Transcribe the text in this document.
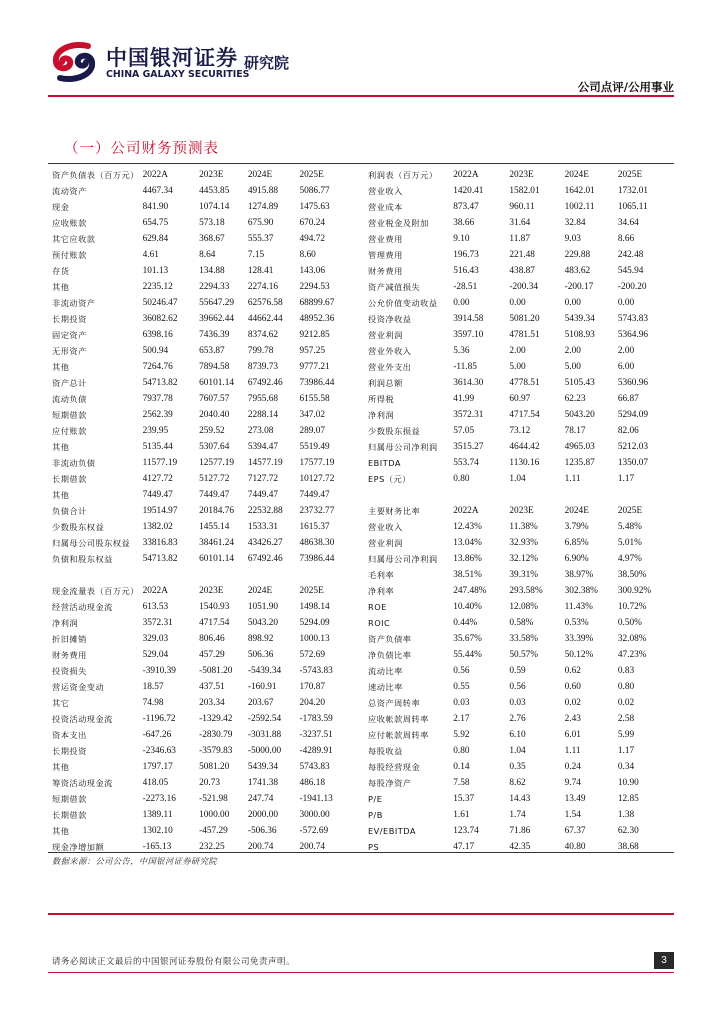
中国银河证券
CHINA GALAXY SECURITIES
研究院
公司点评/公用事业
（一）公司财务预测表
资产负债表（百万元） 2022A	2023E	2024E	2025E
流动资产	4467.34	4453.85	4915.88	5086.77
现金	841.90	1074.14	1274.89	1475.63
应收账款	654.75	573.18	675.90	670.24
其它应收款	629.84	368.67	555.37	494.72
预付账款	4.61	8.64	7.15	8.60
存货	101.13	134.88	128.41	143.06
其他	2235.12	2294.33	2274.16	2294.53
非流动资产	50246.47	55647.29	62576.58	68899.67
长期投资	36082.62	39662.44	44662.44	48952.36
固定资产	6398.16	7436.39	8374.62	9212.85
无形资产	500.94	653.87	799.78	957.25
其他	7264.76	7894.58	8739.73	9777.21
资产总计	54713.82	60101.14	67492.46	73986.44
流动负债	7937.78	7607.57	7955.68	6155.58
短期借款	2562.39	2040.40	2288.14	347.02
应付账款	239.95	259.52	273.08	289.07
其他	5135.44	5307.64	5394.47	5519.49
非流动负债	11577.19	12577.19	14577.19	17577.19
长期借款	4127.72	5127.72	7127.72	10127.72
其他	7449.47	7449.47	7449.47	7449.47
负债合计	19514.97	20184.76	22532.88	23732.77
少数股东权益	1382.02	1455.14	1533.31	1615.37
归属母公司股东权益	33816.83	38461.24	43426.27	48638.30
负债和股东权益	54713.82	60101.14	67492.46	73986.44
现金流量表（百万元） 2022A	2023E	2024E	2025E
经营活动现金流	613.53	1540.93	1051.90	1498.14
净利润	3572.31	4717.54	5043.20	5294.09
折旧摊销	329.03	806.46	898.92	1000.13
财务费用	529.04	457.29	506.36	572.69
投资损失	-3910.39	-5081.20	-5439.34	-5743.83
营运资金变动	18.57	437.51	-160.91	170.87
其它	74.98	203.34	203.67	204.20
投资活动现金流	-1196.72	-1329.42	-2592.54	-1783.59
资本支出	-647.26	-2830.79	-3031.88	-3237.51
长期投资	-2346.63	-3579.83	-5000.00	-4289.91
其他	1797.17	5081.20	5439.34	5743.83
筹资活动现金流	418.05	20.73	1741.38	486.18
短期借款	-2273.16	-521.98	247.74	-1941.13
长期借款	1389.11	1000.00	2000.00	3000.00
其他	1302.10	-457.29	-506.36	-572.69
现金净增加额	-165.13	232.25	200.74	200.74
利润表（百万元）	2022A	2023E	2024E	2025E
营业收入	1420.41	1582.01	1642.01	1732.01
营业成本	873.47	960.11	1002.11	1065.11
营业税金及附加	38.66	31.64	32.84	34.64
营业费用	9.10	11.87	9.03	8.66
管理费用	196.73	221.48	229.88	242.48
财务费用	516.43	438.87	483.62	545.94
资产减值损失	-28.51	-200.34	-200.17	-200.20
公允价值变动收益	0.00	0.00	0.00	0.00
投资净收益	3914.58	5081.20	5439.34	5743.83
营业利润	3597.10	4781.51	5108.93	5364.96
营业外收入	5.36	2.00	2.00	2.00
营业外支出	-11.85	5.00	5.00	6.00
利润总额	3614.30	4778.51	5105.43	5360.96
所得税	41.99	60.97	62.23	66.87
净利润	3572.31	4717.54	5043.20	5294.09
少数股东损益	57.05	73.12	78.17	82.06
归属母公司净利润	3515.27	4644.42	4965.03	5212.03
EBITDA	553.74	1130.16	1235.87	1350.07
EPS（元）	0.80	1.04	1.11	1.17
主要财务比率	2022A	2023E	2024E	2025E
营业收入	12.43%	11.38%	3.79%	5.48%
营业利润	13.04%	32.93%	6.85%	5.01%
归属母公司净利润	13.86%	32.12%	6.90%	4.97%
毛利率	38.51%	39.31%	38.97%	38.50%
净利率	247.48%	293.58%	302.38%	300.92%
ROE	10.40%	12.08%	11.43%	10.72%
ROIC	0.44%	0.58%	0.53%	0.50%
资产负债率	35.67%	33.58%	33.39%	32.08%
净负债比率	55.44%	50.57%	50.12%	47.23%
流动比率	0.56	0.59	0.62	0.83
速动比率	0.55	0.56	0.60	0.80
总资产周转率	0.03	0.03	0.02	0.02
应收帐款周转率	2.17	2.76	2.43	2.58
应付帐款周转率	5.92	6.10	6.01	5.99
每股收益	0.80	1.04	1.11	1.17
每股经营现金	0.14	0.35	0.24	0.34
每股净资产	7.58	8.62	9.74	10.90
P/E	15.37	14.43	13.49	12.85
P/B	1.61	1.74	1.54	1.38
EV/EBITDA	123.74	71.86	67.37	62.30
PS	47.17	42.35	40.80	38.68
数据来源：公司公告，中国银河证券研究院
请务必阅读正文最后的中国银河证券股份有限公司免责声明。	3
